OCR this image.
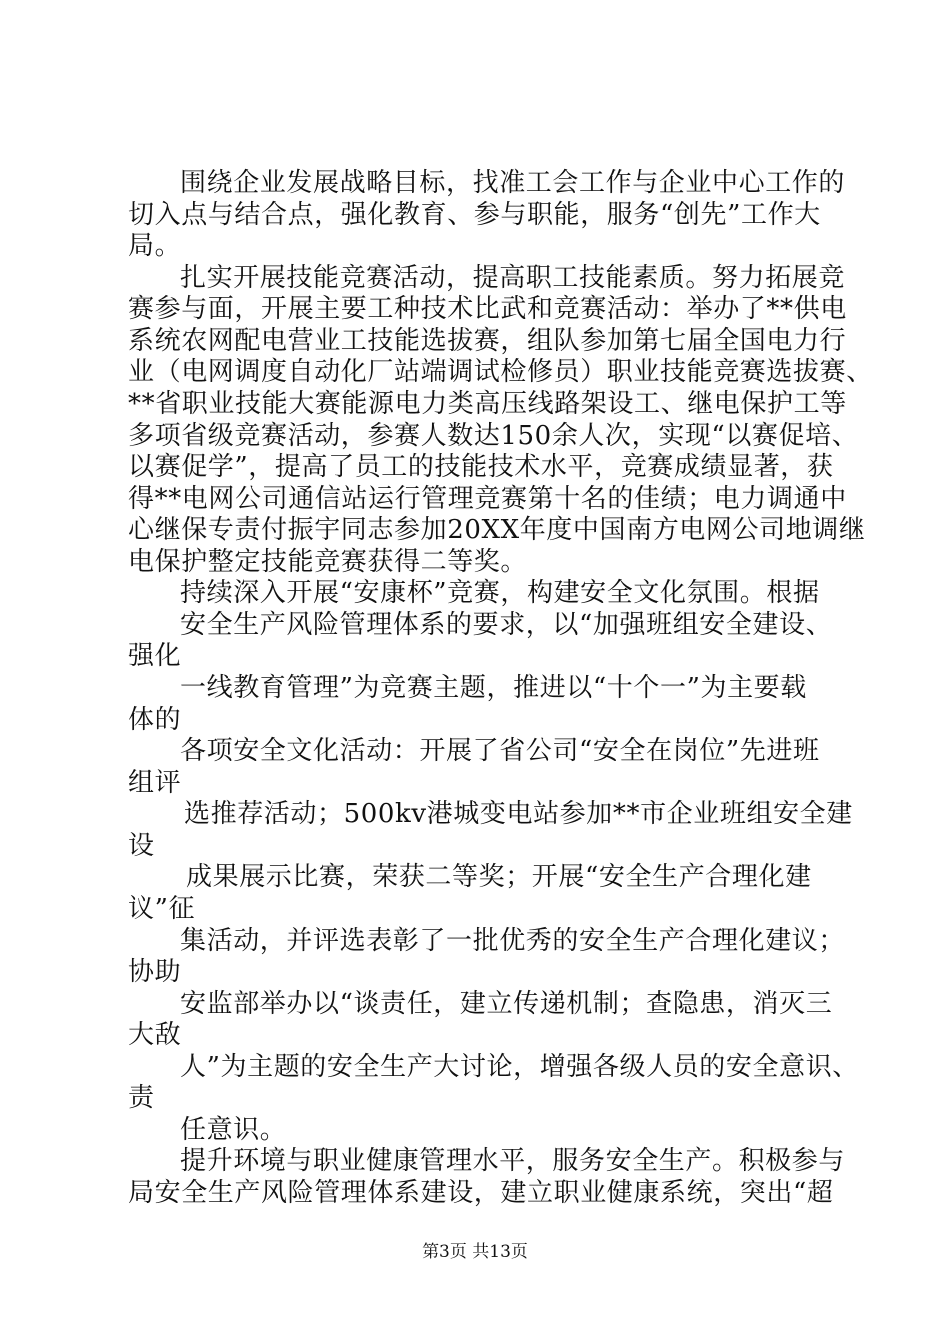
围绕企业发展战略目标，找准工会工作与企业中心工作的
切入点与结合点，强化教育、参与职能，服务“创先”工作大
局。
扎实开展技能竞赛活动，提高职工技能素质。努力拓展竞
赛参与面，开展主要工种技术比武和竞赛活动：举办了**供电
系统农网配电营业工技能选拔赛，组队参加第七届全国电力行
业（电网调度自动化厂站端调试检修员）职业技能竞赛选拔赛、
**省职业技能大赛能源电力类高压线路架设工、继电保护工等
多项省级竞赛活动，参赛人数达150余人次，实现“以赛促培、
以赛促学”，提高了员工的技能技术水平，竞赛成绩显著，获
得**电网公司通信站运行管理竞赛第十名的佳绩；电力调通中
心继保专责付振宇同志参加20XX年度中国南方电网公司地调继
电保护整定技能竞赛获得二等奖。
持续深入开展“安康杯”竞赛，构建安全文化氛围。根据
安全生产风险管理体系的要求，以“加强班组安全建设、
强化
一线教育管理”为竞赛主题，推进以“十个一”为主要载
体的
各项安全文化活动：开展了省公司“安全在岗位”先进班
组评
选推荐活动；500kv港城变电站参加**市企业班组安全建
设
成果展示比赛，荣获二等奖；开展“安全生产合理化建
议”征
集活动，并评选表彰了一批优秀的安全生产合理化建议；
协助
安监部举办以“谈责任，建立传递机制；查隐患，消灭三
大敌
人”为主题的安全生产大讨论，增强各级人员的安全意识、
责
任意识。
提升环境与职业健康管理水平，服务安全生产。积极参与
局安全生产风险管理体系建设，建立职业健康系统，突出“超
第3页 共13页
